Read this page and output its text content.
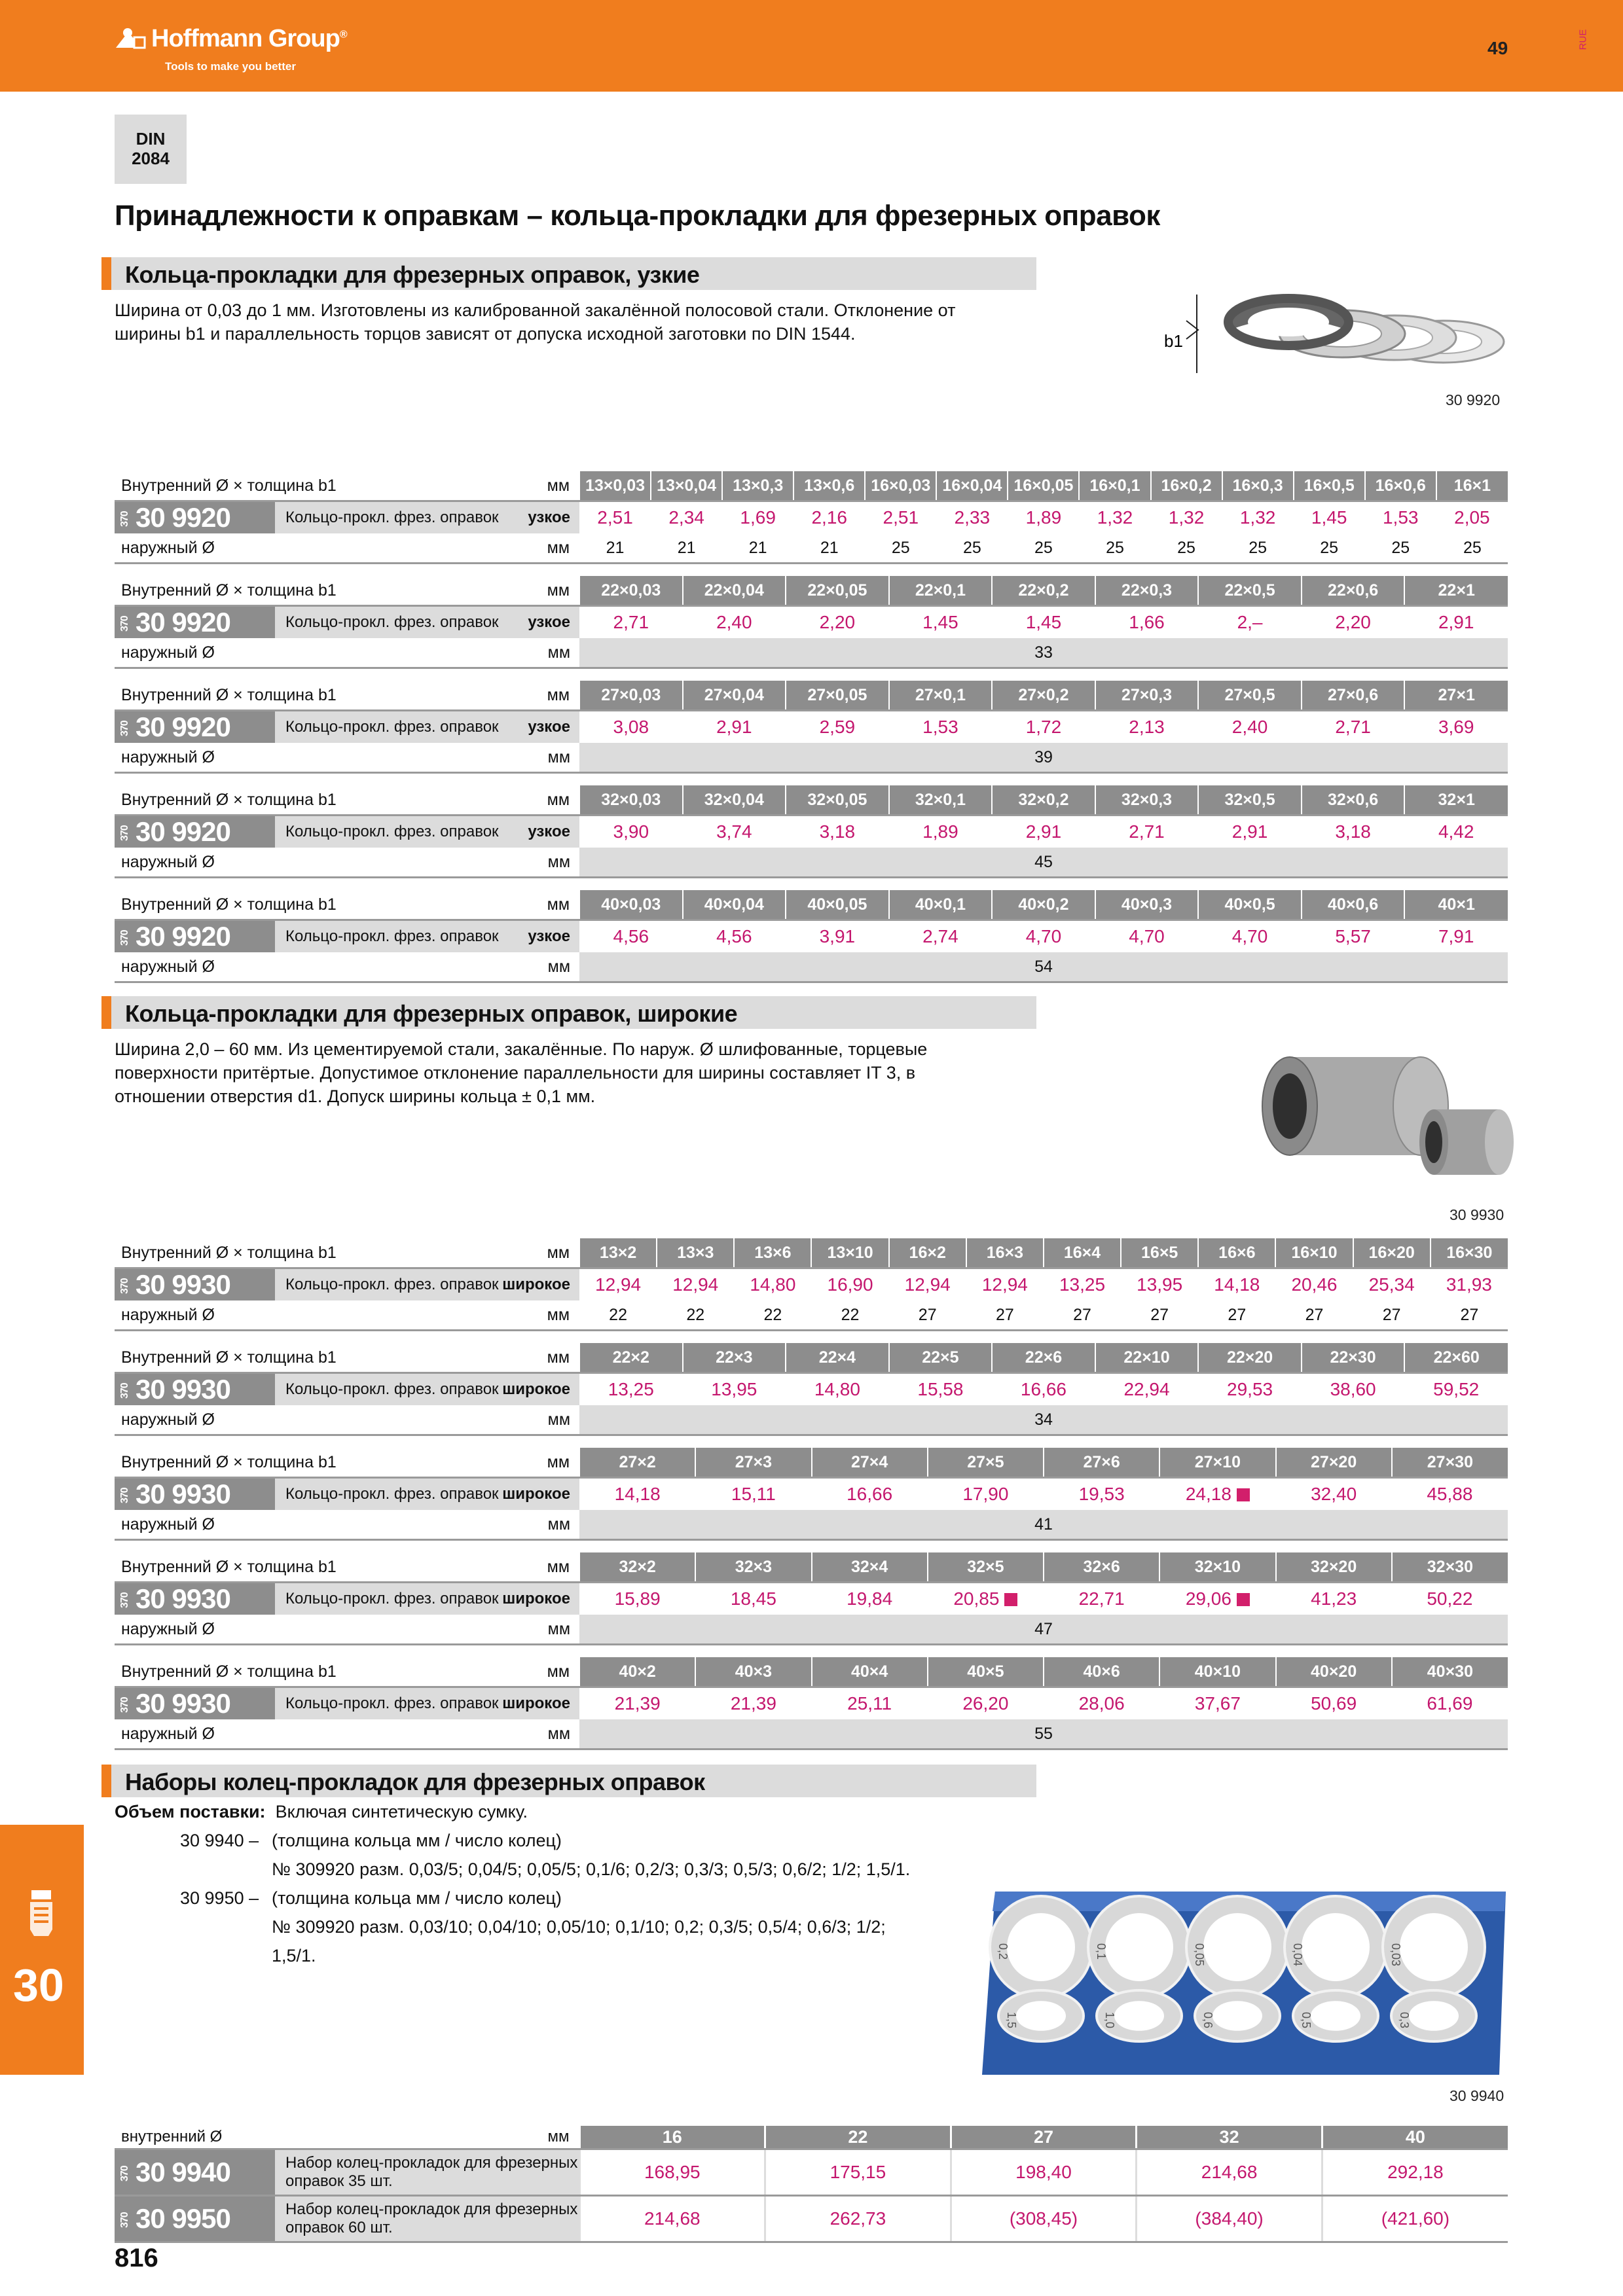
Hoffmann Group®
Tools to make you better
49	RUE
DIN
2084
Принадлежности к оправкам – кольца-прокладки для фрезерных оправок
Кольца-прокладки для фрезерных оправок, узкие
Ширина от 0,03 до 1 мм. Изготовлены из калиброванной закалённой полосовой стали. Отклонение от
ширины b1 и параллельность торцов зависят от допуска исходной заготовки по DIN 1544.	b1
30 9920
Кольца-прокладки для фрезерных оправок, широкие
Ширина 2,0 – 60 мм. Из цементируемой стали, закалённые. По наруж. Ø шлифованные, торцевые
поверхности притёртые. Допустимое отклонение параллельности для ширины составляет IT 3, в
отношении отверстия d1. Допуск ширины кольца ± 0,1 мм.
30 9930
Внутренний Ø × толщина b1	мм	13×0,03	13×0,04	13×0,3	13×0,6	16×0,03	16×0,04	16×0,05	16×0,1	16×0,2	16×0,3	16×0,5	16×0,6	16×1
370 30 9920	Кольцо-прокл. фрез. оправок узкое	2,51	2,34	1,69	2,16	2,51	2,33	1,89	1,32	1,32	1,32	1,45	1,53	2,05
наружный Ø	мм	21	21	21	21	25	25	25	25	25	25	25	25	25
Внутренний Ø × толщина b1	мм	22×0,03	22×0,04	22×0,05	22×0,1	22×0,2	22×0,3	22×0,5	22×0,6	22×1
370 30 9920	Кольцо-прокл. фрез. оправок узкое	2,71	2,40	2,20	1,45	1,45	1,66	2,–	2,20	2,91
наружный Ø	мм	33								
Внутренний Ø × толщина b1	мм	27×0,03	27×0,04	27×0,05	27×0,1	27×0,2	27×0,3	27×0,5	27×0,6	27×1
370 30 9920	Кольцо-прокл. фрез. оправок узкое	3,08	2,91	2,59	1,53	1,72	2,13	2,40	2,71	3,69
наружный Ø	мм	39								
Внутренний Ø × толщина b1	мм	32×0,03	32×0,04	32×0,05	32×0,1	32×0,2	32×0,3	32×0,5	32×0,6	32×1
370 30 9920	Кольцо-прокл. фрез. оправок узкое	3,90	3,74	3,18	1,89	2,91	2,71	2,91	3,18	4,42
наружный Ø	мм	45								
Внутренний Ø × толщина b1	мм	40×0,03	40×0,04	40×0,05	40×0,1	40×0,2	40×0,3	40×0,5	40×0,6	40×1
370 30 9920	Кольцо-прокл. фрез. оправок узкое	4,56	4,56	3,91	2,74	4,70	4,70	4,70	5,57	7,91
наружный Ø	мм	54								
Внутренний Ø × толщина b1	мм	13×2	13×3	13×6	13×10	16×2	16×3	16×4	16×5	16×6	16×10	16×20	16×30
370 30 9930	Кольцо-прокл. фрез. оправок широкое	12,94	12,94	14,80	16,90	12,94	12,94	13,25	13,95	14,18	20,46	25,34	31,93
наружный Ø	мм	22	22	22	22	27	27	27	27	27	27	27	27
Внутренний Ø × толщина b1	мм	22×2	22×3	22×4	22×5	22×6	22×10	22×20	22×30	22×60
370 30 9930	Кольцо-прокл. фрез. оправок широкое	13,25	13,95	14,80	15,58	16,66	22,94	29,53	38,60	59,52
наружный Ø	мм	34								
Внутренний Ø × толщина b1	мм	27×2	27×3	27×4	27×5	27×6	27×10	27×20	27×30
370 30 9930	Кольцо-прокл. фрез. оправок широкое	14,18	15,11	16,66	17,90	19,53	24,18	32,40	45,88
наружный Ø	мм	41							
Внутренний Ø × толщина b1	мм	32×2	32×3	32×4	32×5	32×6	32×10	32×20	32×30
370 30 9930	Кольцо-прокл. фрез. оправок широкое	15,89	18,45	19,84	20,85	22,71	29,06	41,23	50,22
наружный Ø	мм	47							
Внутренний Ø × толщина b1	мм	40×2	40×3	40×4	40×5	40×6	40×10	40×20	40×30
370 30 9930	Кольцо-прокл. фрез. оправок широкое	21,39	21,39	25,11	26,20	28,06	37,67	50,69	61,69
наружный Ø	мм	55							
Наборы колец-прокладок для фрезерных оправок
Объем поставки: Включая синтетическую сумку.
30 9940 – (толщина кольца мм / число колец)
№ 309920 разм. 0,03/5; 0,04/5; 0,05/5; 0,1/6; 0,2/3; 0,3/3; 0,5/3; 0,6/2; 1/2; 1,5/1.
30 9950 – (толщина кольца мм / число колец)
№ 309920 разм. 0,03/10; 0,04/10; 0,05/10; 0,1/10; 0,2; 0,3/5; 0,5/4; 0,6/3; 1/2;
1,5/1.	0,2
1,5
0,1
1,0
0,05
0,6
0,04
0,5
0,03
0,3
30 9940
внутренний Ø	мм	16	22	27	32	40
370 30 9940	Набор колец-прокладок для фрезерных оправок 35 шт.	168,95	175,15	198,40	214,68	292,18
370 30 9950	Набор колец-прокладок для фрезерных оправок 60 шт.	214,68	262,73	(308,45)	(384,40)	(421,60)
30
816
